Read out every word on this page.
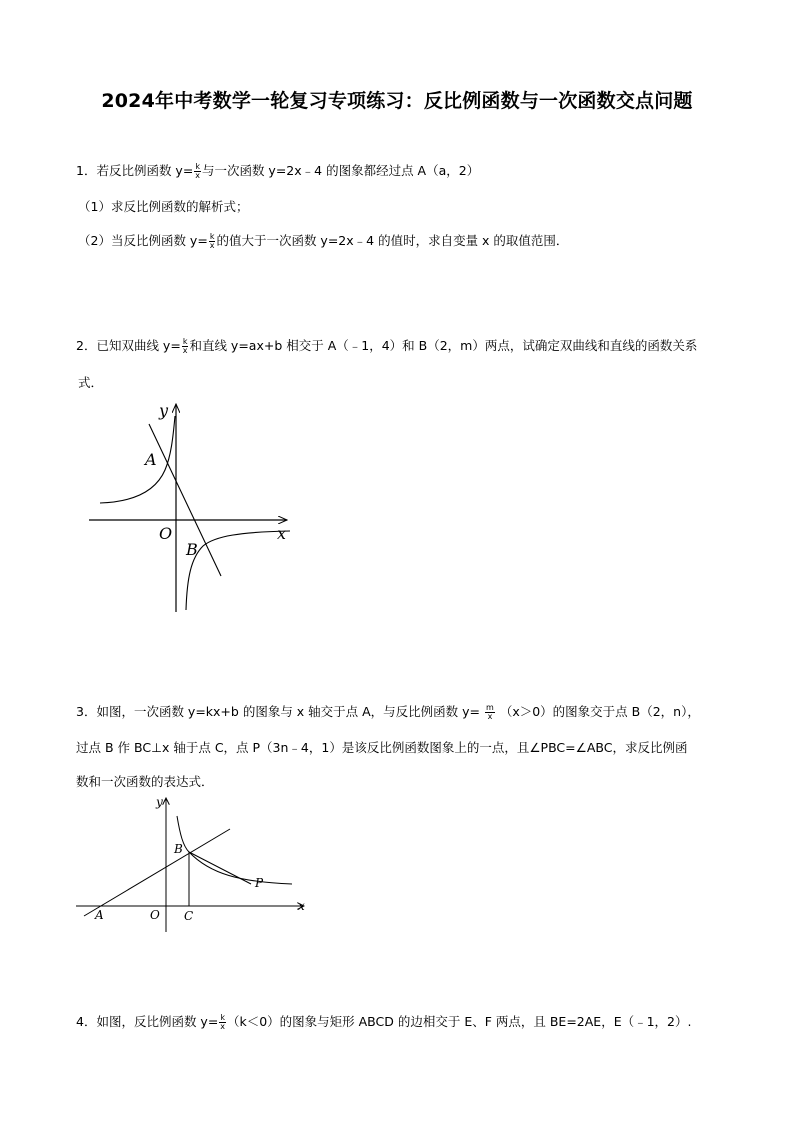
2024年中考数学一轮复习专项练习：反比例函数与一次函数交点问题
1．若反比例函数 $y= \frac{k}{x}$ 与一次函数 y=2x﹣4 的图象都经过点 A（a，2）
（1）求反比例函数的解析式；
（2）当反比例函数 $y= \frac{k}{x}$ 的值大于一次函数 y=2x﹣4 的值时，求自变量 x 的取值范围．
2．已知双曲线 $y= \frac{k}{x}$ 和直线 y=ax+b 相交于 A（﹣1，4）和 B（2，m）两点，试确定双曲线和直线的函数关系
式．
y
x
O
A
B
3．如图，一次函数 y=kx+b 的图象与 x 轴交于点 A，与反比例函数 $y= \frac{m}{x} (x>0)$的图象交于点 B（2，n），
过点 B 作 BC⊥x 轴于点 C，点 P（3n﹣4，1）是该反比例函数图象上的一点，且∠PBC=∠ABC，求反比例函
数和一次函数的表达式．
y
x
O
A
B
C
P
4．如图，反比例函数 $y= \frac{k}{x} (k<0)$的图象与矩形 ABCD 的边相交于 E、F 两点，且 BE=2AE，E（﹣1，2）.
